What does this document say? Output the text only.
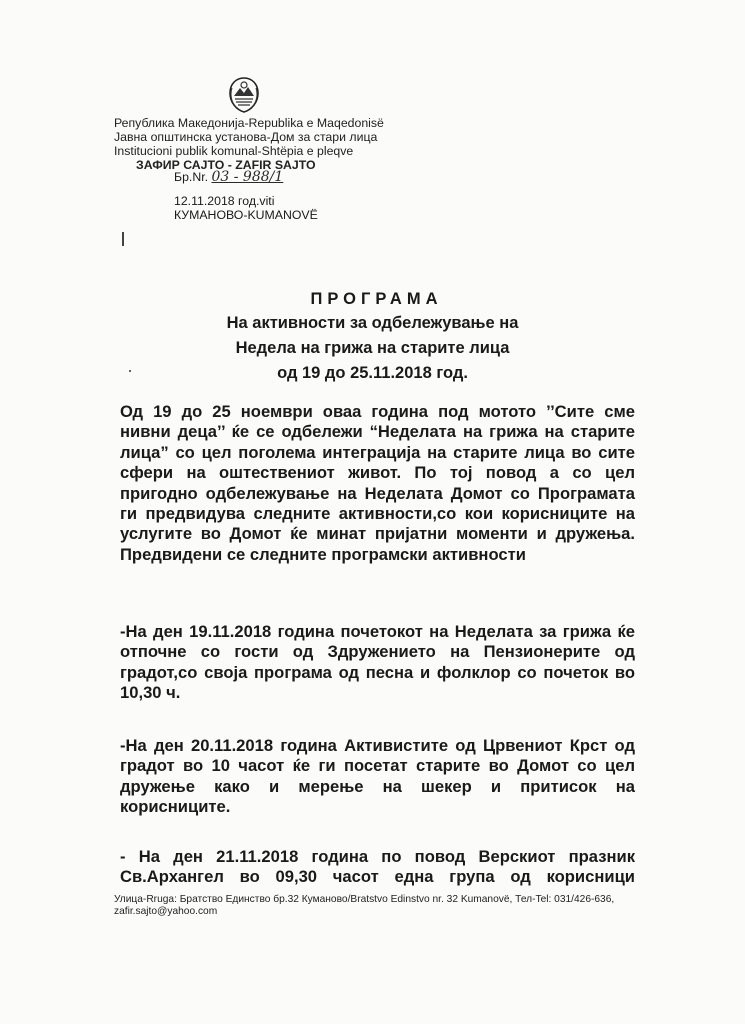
Република Македонија-Republika e Maqedonisë
Јавна општинска установа-Дом за стари лица
Institucioni publik komunal-Shtëpia e pleqve
ЗАФИР САЈТО - ZAFIR SAJTO
Бр.Nr. 03 - 988/1
12.11.2018 год.viti
КУМАНОВО-KUMANOVË
ПРОГРАМА
На активности за одбележување на
Недела на грижа на старите лица
од 19 до 25.11.2018 год.
Од 19 до 25 ноември оваа година под мотото ’’Сите сме
нивни деца’’ ќе се одбележи “Неделата на грижа на старите
лица” со цел поголема интеграција на старите лица во сите
сфери на оштествениот живот. По тој повод а со цел
пригодно одбележување на Неделата Домот со Програмата
ги предвидува следните активности,со кои корисниците на
услугите во Домот ќе минат пријатни моменти и дружења.
Предвидени се следните програмски активности
-На ден 19.11.2018 година почетокот на Неделата за грижа ќе
отпочне со гости од Здружението на Пензионерите од
градот,со своја програма од песна и фолклор со почеток во
10,30 ч.
-На ден 20.11.2018 година Активистите од Црвениот Крст од
градот во 10 часот ќе ги посетат старите во Домот со цел
дружење како и мерење на шекер и притисок на
корисниците.
- На ден 21.11.2018 година по повод Верскиот празник
Св.Архангел во 09,30 часот една група од корисници
Улица-Rruga: Братство Единство бр.32 Куманово/Bratstvo Edinstvo nr. 32 Kumanovë, Тел-Tel: 031/426-636,
zafir.sajto@yahoo.com
